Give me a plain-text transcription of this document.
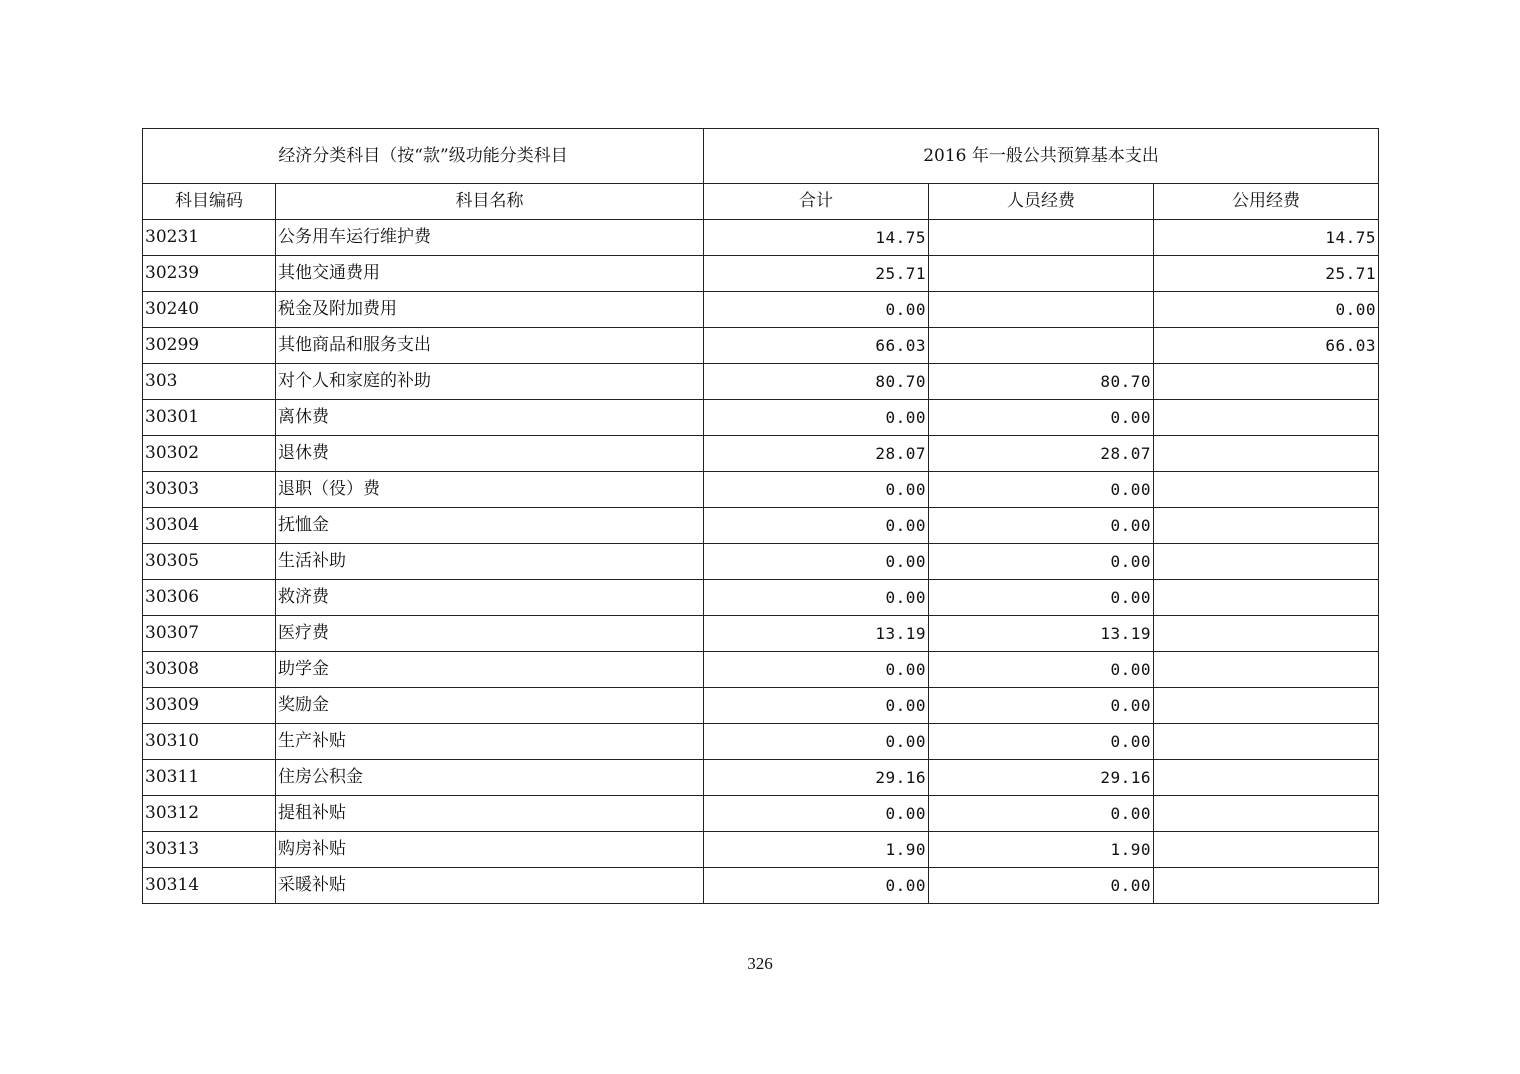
经济分类科目（按“款”级功能分类科目		2016 年一般公共预算基本支出		
科目编码	科目名称	合计	人员经费	公用经费
30231	公务用车运行维护费	14.75		14.75
30239	其他交通费用	25.71		25.71
30240	税金及附加费用	0.00		0.00
30299	其他商品和服务支出	66.03		66.03
303	对个人和家庭的补助	80.70	80.70	
30301	离休费	0.00	0.00	
30302	退休费	28.07	28.07	
30303	退职（役）费	0.00	0.00	
30304	抚恤金	0.00	0.00	
30305	生活补助	0.00	0.00	
30306	救济费	0.00	0.00	
30307	医疗费	13.19	13.19	
30308	助学金	0.00	0.00	
30309	奖励金	0.00	0.00	
30310	生产补贴	0.00	0.00	
30311	住房公积金	29.16	29.16	
30312	提租补贴	0.00	0.00	
30313	购房补贴	1.90	1.90	
30314	采暖补贴	0.00	0.00	
326
